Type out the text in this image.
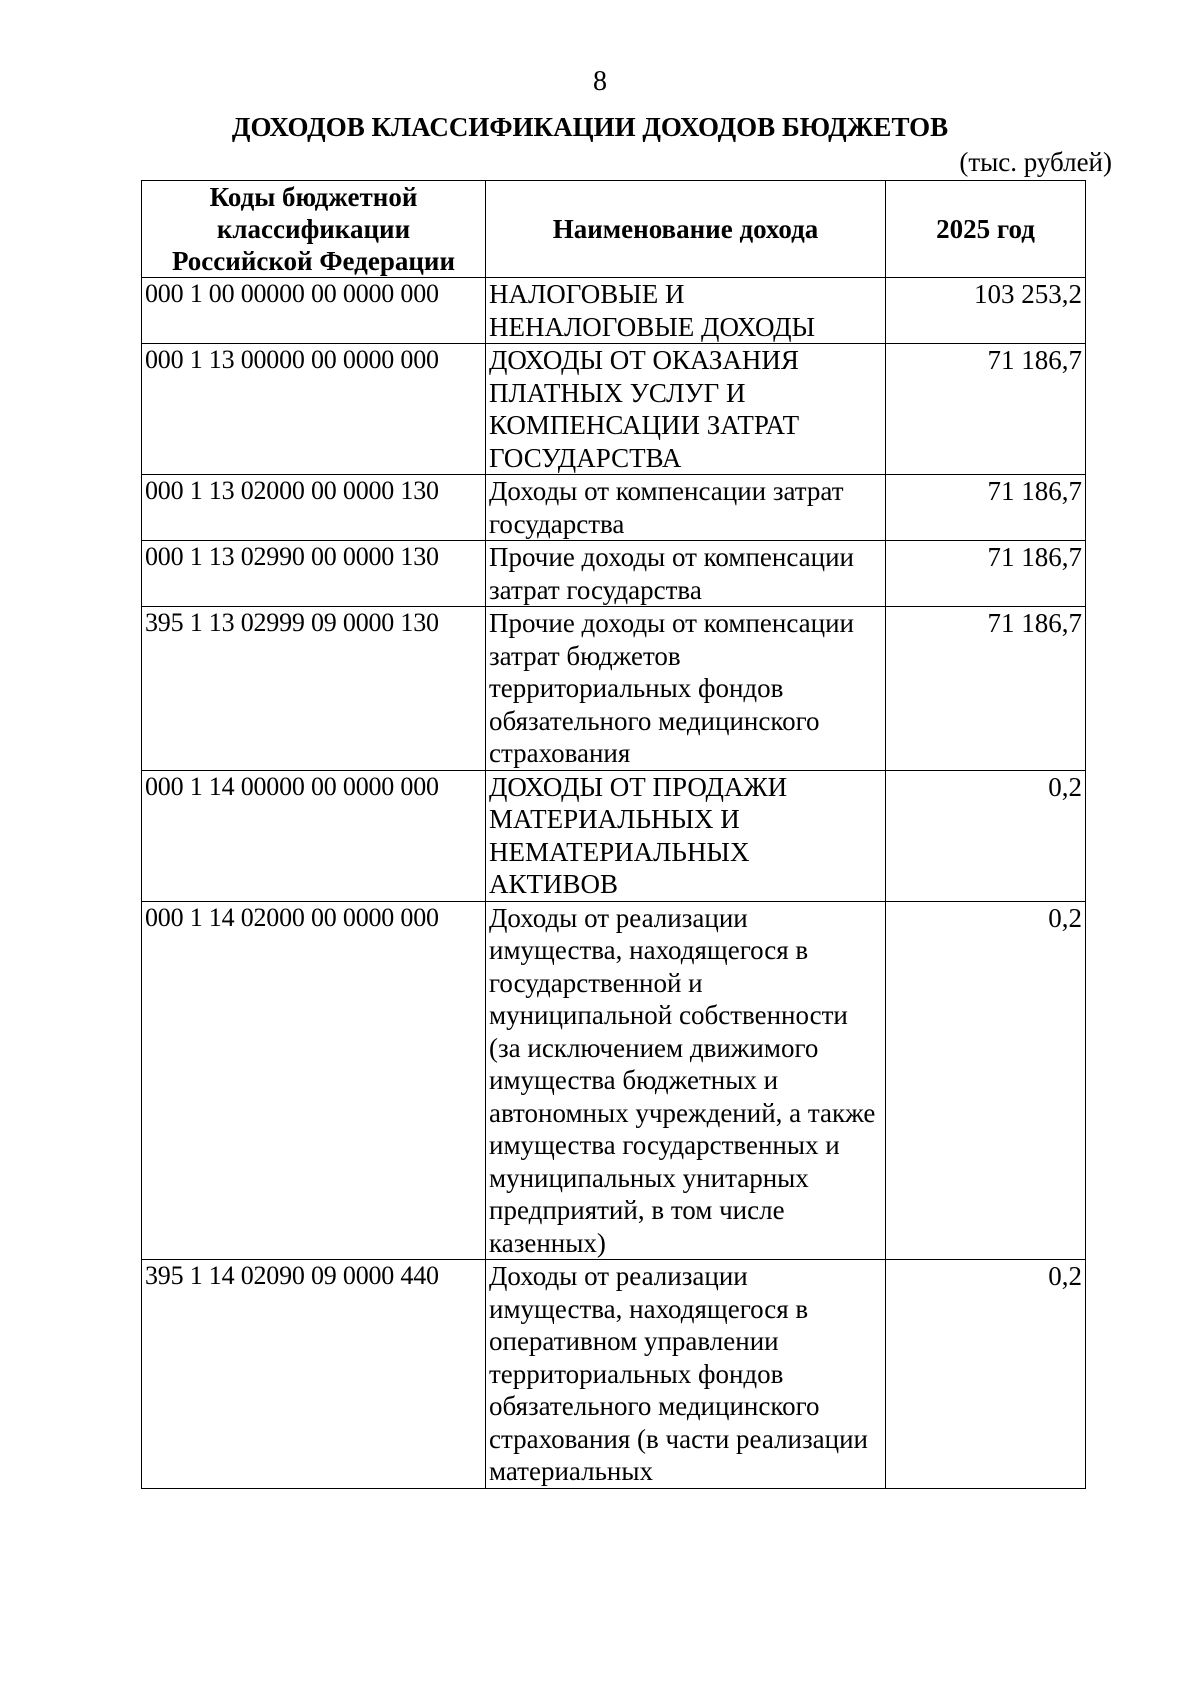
8
ДОХОДОВ КЛАССИФИКАЦИИ ДОХОДОВ БЮДЖЕТОВ
(тыс. рублей)
Коды бюджетной классификации Российской Федерации	Наименование дохода	2025 год
000 1 00 00000 00 0000 000	НАЛОГОВЫЕ И НЕНАЛОГОВЫЕ ДОХОДЫ	103 253,2
000 1 13 00000 00 0000 000	ДОХОДЫ ОТ ОКАЗАНИЯ ПЛАТНЫХ УСЛУГ И КОМПЕНСАЦИИ ЗАТРАТ ГОСУДАРСТВА	71 186,7
000 1 13 02000 00 0000 130	Доходы от компенсации затрат государства	71 186,7
000 1 13 02990 00 0000 130	Прочие доходы от компенсации затрат государства	71 186,7
395 1 13 02999 09 0000 130	Прочие доходы от компенсации затрат бюджетов территориальных фондов обязательного медицинского страхования	71 186,7
000 1 14 00000 00 0000 000	ДОХОДЫ ОТ ПРОДАЖИ МАТЕРИАЛЬНЫХ И НЕМАТЕРИАЛЬНЫХ АКТИВОВ	0,2
000 1 14 02000 00 0000 000	Доходы от реализации имущества, находящегося в государственной и муниципальной собственности (за исключением движимого имущества бюджетных и автономных учреждений, а также имущества государственных и муниципальных унитарных предприятий, в том числе казенных)	0,2
395 1 14 02090 09 0000 440	Доходы от реализации имущества, находящегося в оперативном управлении территориальных фондов обязательного медицинского страхования (в части реализации материальных	0,2
